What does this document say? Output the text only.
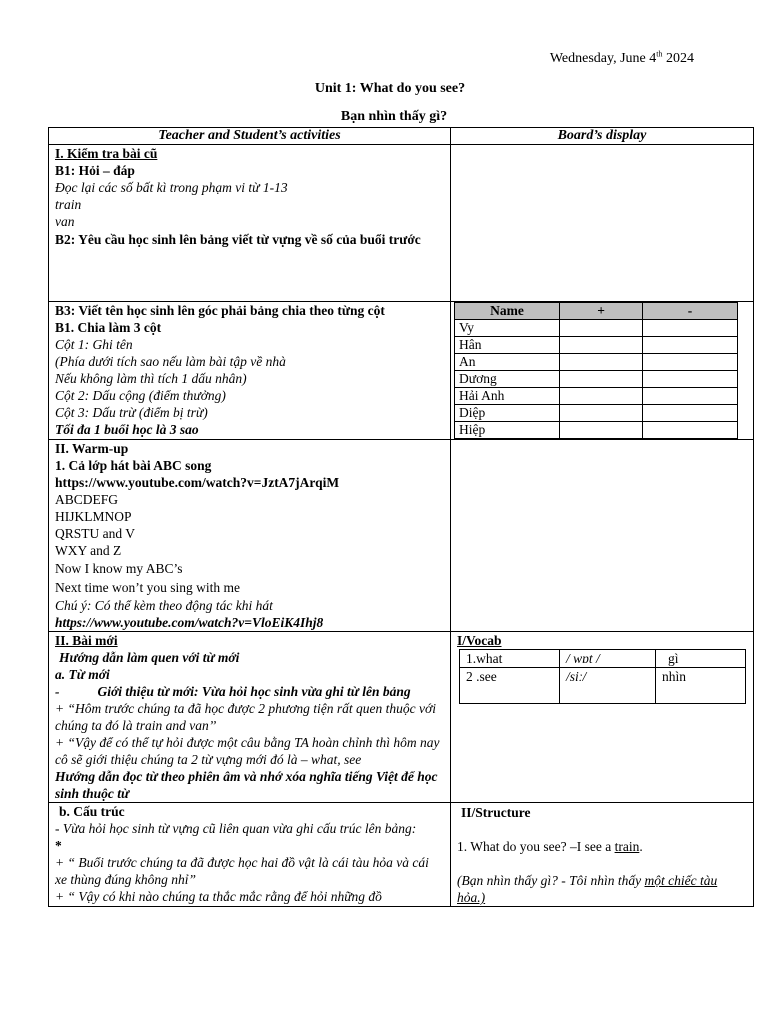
Wednesday, June 4th 2024
Unit 1: What do you see?
Bạn nhìn thấy gì?
Teacher and Student’s activities	Board’s display

I. Kiểm tra bài cũ
B1: Hỏi – đáp
Đọc lại các số bất kì trong phạm vi từ 1-13
train
van
B2: Yêu cầu học sinh lên bảng viết từ vựng về số của buổi trước

B3: Viết tên học sinh lên góc phải bảng chia theo từng cột
B1. Chia làm 3 cột
Cột 1: Ghi tên
(Phía dưới tích sao nếu làm bài tập về nhà
Nếu không làm thì tích 1 dấu nhân)
Cột 2: Dấu cộng (điểm thưởng)
Cột 3: Dấu trừ (điểm bị trừ)
Tối đa 1 buổi học là 3 sao

Name	+	-
Vy		
Hân		
An		
Dương		
Hải Anh		
Diệp		
Hiệp		

II. Warm-up
1. Cả lớp hát bài ABC song
https://www.youtube.com/watch?v=JztA7jArqiM
ABCDEFG
HIJKLMNOP
QRSTU and V
WXY and Z
Now I know my ABC’s
Next time won’t you sing with me
Chú ý: Có thể kèm theo động tác khi hát
https://www.youtube.com/watch?v=VloEiK4Ihj8

II. Bài mới
Hướng dẫn làm quen với từ mới
a. Từ mới
-	Giới thiệu từ mới: Vừa hỏi học sinh vừa ghi từ lên bảng
+ “Hôm trước chúng ta đã học được 2 phương tiện rất quen thuộc với chúng ta đó là train and van’’
+ “Vậy để có thể tự hỏi được một câu bằng TA hoàn chỉnh thì hôm nay cô sẽ giới thiệu chúng ta 2 từ vựng mới đó là – what, see
Hướng dẫn đọc từ theo phiên âm và nhớ xóa nghĩa tiếng Việt để học sinh thuộc từ

I/Vocab
1.what	/ wɒt /	gì
2 .see	/siː/	nhìn

b. Cấu trúc
- Vừa hỏi học sinh từ vựng cũ liên quan vừa ghi cấu trúc lên bảng:
*
+ “ Buổi trước chúng ta đã được học hai đồ vật là cái tàu hỏa và cái xe thùng đúng không nhỉ”
+ “ Vậy có khi nào chúng ta thắc mắc rằng để hỏi những đồ

II/Structure
1. What do you see? –I see a train.
(Bạn nhìn thấy gì? - Tôi nhìn thấy một chiếc tàu hỏa.)
